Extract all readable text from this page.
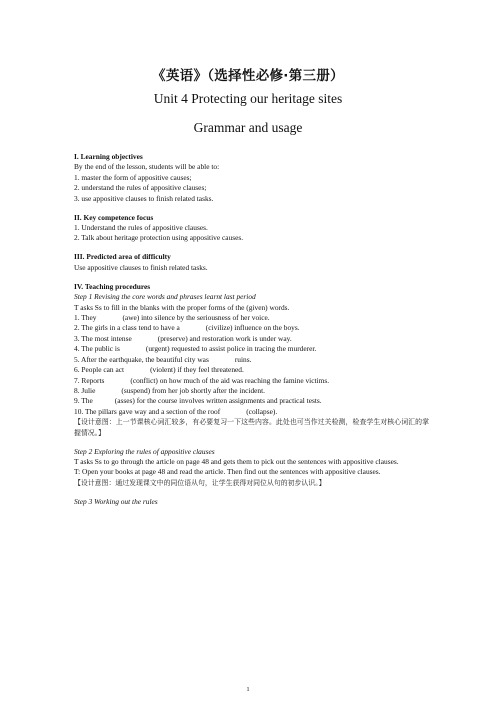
《英语》（选择性必修·第三册）
Unit 4 Protecting our heritage sites
Grammar and usage
I. Learning objectives
By the end of the lesson, students will be able to:
1. master the form of appositive causes;
2. understand the rules of appositive clauses;
3. use appositive clauses to finish related tasks.
II. Key competence focus
1. Understand the rules of appositive clauses.
2. Talk about heritage protection using appositive causes.
III. Predicted area of difficulty
Use appositive clauses to finish related tasks.
IV. Teaching procedures
Step 1 Revising the core words and phrases learnt last period
T asks Ss to fill in the blanks with the proper forms of the (given) words.
1. They	(awe) into silence by the seriousness of her voice.
2. The girls in a class tend to have a	(civilize) influence on the boys.
3. The most intense	(preserve) and restoration work is under way.
4. The public is	(urgent) requested to assist police in tracing the murderer.
5. After the earthquake, the beautiful city was	ruins.
6. People can act	(violent) if they feel threatened.
7. Reports	(conflict) on how much of the aid was reaching the famine victims.
8. Julie	(suspend) from her job shortly after the incident.
9. The	(asses) for the course involves written assignments and practical tests.
10. The pillars gave way and a section of the roof	(collapse).
【设计意图：上一节课核心词汇较多，有必要复习一下这些内容。此处也可当作过关检测，检查学生对核心词汇的掌握情况。】
Step 2 Exploring the rules of appositive clauses
T asks Ss to go through the article on page 48 and gets them to pick out the sentences with appositive clauses.
T: Open your books at page 48 and read the article. Then find out the sentences with appositive clauses.
【设计意图：通过发现课文中的同位语从句，让学生获得对同位从句的初步认识。】
Step 3 Working out the rules
1
